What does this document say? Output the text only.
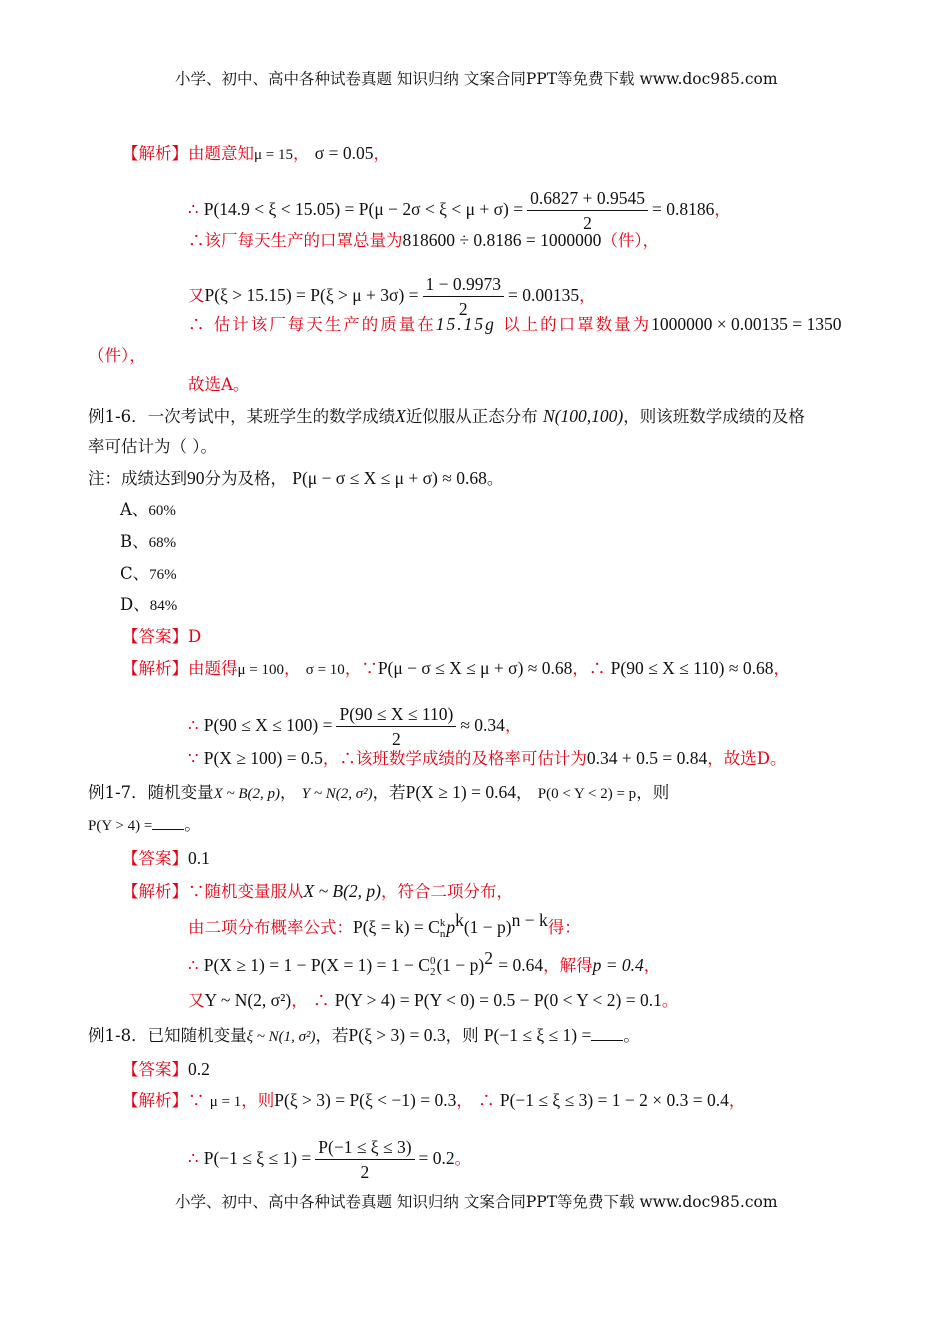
小学、初中、高中各种试卷真题 知识归纳 文案合同PPT等免费下载 www.doc985.com
【解析】由题意知μ = 15， σ = 0.05，
∴ $P(14.9 < \xi < 15.05) = P(\mu - 2\sigma < \xi < \mu + \sigma) = \frac{0.6827 + 0.9545}{2} = 0.8186$，
∴该厂每天生产的口罩总量为818600 ÷ 0.8186 = 1000000（件），
又$P(\xi > 15.15) = P(\xi > \mu + 3\sigma) = \frac{1 - 0.9973}{2} = 0.00135$，
∴ 估计该厂每天生产的质量在15.15g 以上的口罩数量为1000000 × 0.00135 = 1350
（件），
故选A。
例1-6．一次考试中，某班学生的数学成绩X近似服从正态分布 N(100,100)，则该班数学成绩的及格
率可估计为（ ）。
注：成绩达到90分为及格， P(μ − σ ≤ X ≤ μ + σ) ≈ 0.68。
A、60%
B、68%
C、76%
D、84%
【答案】D
【解析】由题得μ = 100， σ = 10，∵P(μ − σ ≤ X ≤ μ + σ) ≈ 0.68，∴ P(90 ≤ X ≤ 110) ≈ 0.68，
∴ $P(90 \le X \le 100) = \frac{P(90 \le X \le 110)}{2} \approx 0.34$，
∵ P(X ≥ 100) = 0.5，∴该班数学成绩的及格率可估计为0.34 + 0.5 = 0.84，故选D。
例1-7．随机变量X ~ B(2, p)， Y ~ N(2, σ²)，若P(X ≥ 1) = 0.64， P(0 < Y < 2) = p，则
P(Y > 4) = 。
【答案】0.1
【解析】∵随机变量服从X ~ B(2, p)，符合二项分布，
由二项分布概率公式：P(ξ = k) = C k
n $p^k(1 - p)^{n - k}$得：
∴ P(X ≥ 1) = 1 − P(X = 1) = 1 − C 0
2 $(1 - p)^2 = 0.64$，解得p = 0.4，
又Y ~ N(2, σ²)， ∴ P(Y > 4) = P(Y < 0) = 0.5 − P(0 < Y < 2) = 0.1。
例1-8．已知随机变量ξ ~ N(1, σ²)，若P(ξ > 3) = 0.3，则 P(−1 ≤ ξ ≤ 1) = 。
【答案】0.2
【解析】∵ μ = 1，则P(ξ > 3) = P(ξ < −1) = 0.3， ∴ P(−1 ≤ ξ ≤ 3) = 1 − 2 × 0.3 = 0.4，
∴ $P(-1 \le \xi \le 1) = \frac{P(-1 \le \xi \le 3)}{2} = 0.2$。
小学、初中、高中各种试卷真题 知识归纳 文案合同PPT等免费下载 www.doc985.com
